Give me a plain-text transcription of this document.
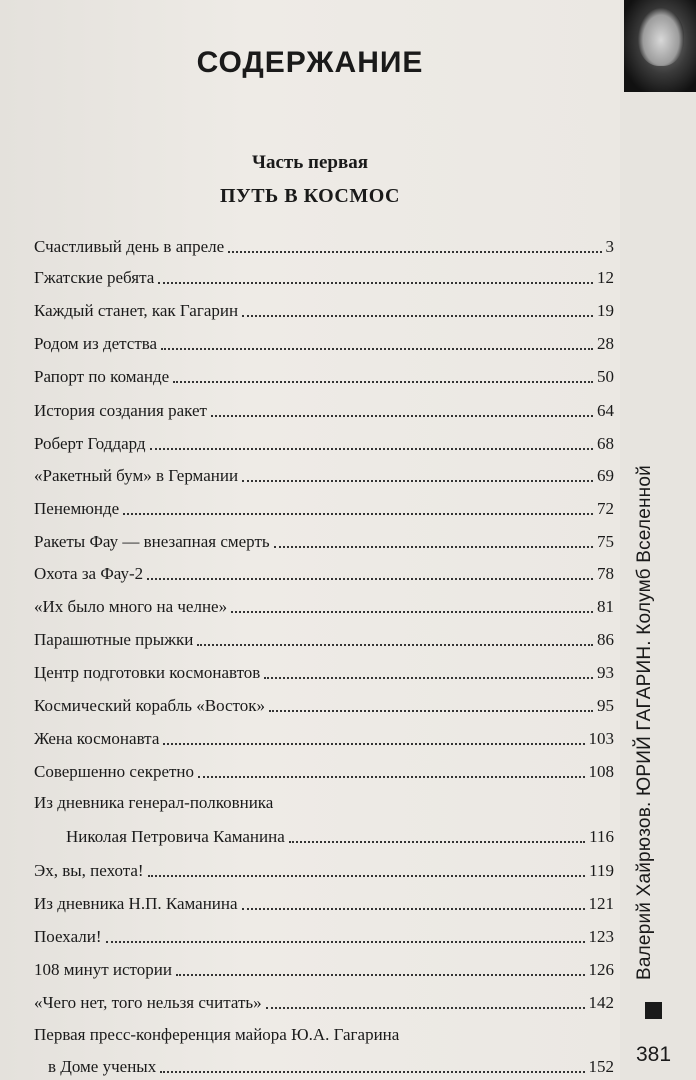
СОДЕРЖАНИЕ
Часть первая
ПУТЬ В КОСМОС
Счастливый день в апреле	3
Гжатские ребята	12
Каждый станет, как Гагарин	19
Родом из детства	28
Рапорт по команде	50
История создания ракет	64
Роберт Годдард	68
«Ракетный бум» в Германии	69
Пенемюнде	72
Ракеты Фау — внезапная смерть	75
Охота за Фау-2	78
«Их было много на челне»	81
Парашютные прыжки	86
Центр подготовки космонавтов	93
Космический корабль «Восток»	95
Жена космонавта	103
Совершенно секретно	108
Из дневника генерал-полковника
Николая Петровича Каманина	116
Эх, вы, пехота!	119
Из дневника Н.П. Каманина	121
Поехали!	123
108 минут истории	126
«Чего нет, того нельзя считать»	142
Первая пресс-конференция майора Ю.А. Гагарина
в Доме ученых	152
Валерий Хайрюзов. ЮРИЙ ГАГАРИН. Колумб Вселенной
381
